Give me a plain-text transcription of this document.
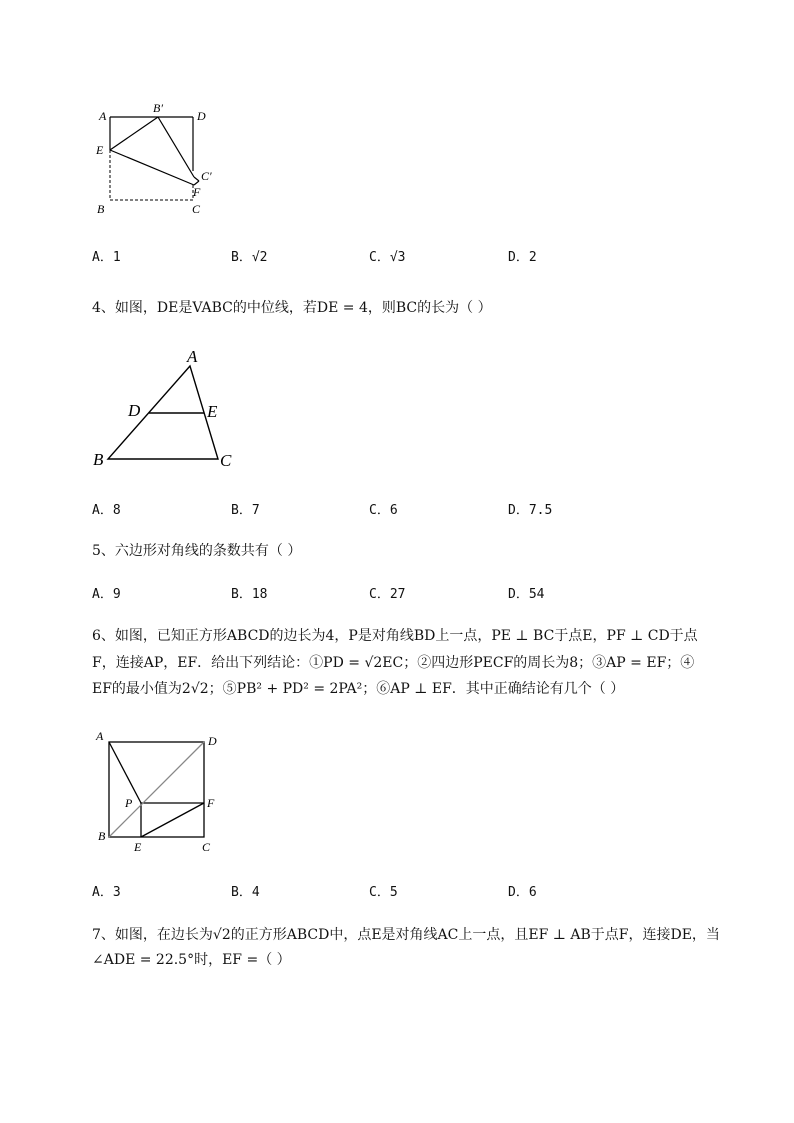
A
B′
D
E
C′
F
B	C
A．1	B．√2	C．√3	D．2
4、如图，DE是VABC的中位线，若DE = 4，则BC的长为（ ）
A
D	E
B	C
A．8	B．7	C．6	D．7.5
5、六边形对角线的条数共有（ ）
A．9	B．18	C．27	D．54
6、如图，已知正方形ABCD的边长为4，P是对角线BD上一点，PE ⊥ BC于点E，PF ⊥ CD于点
F，连接AP，EF．给出下列结论：①PD = √2EC；②四边形PECF的周长为8；③AP = EF；④
EF的最小值为2√2；⑤PB² + PD² = 2PA²；⑥AP ⊥ EF．其中正确结论有几个（ ）
A	D
P	F
B
E	C
A．3	B．4	C．5	D．6
7、如图，在边长为√2的正方形ABCD中，点E是对角线AC上一点，且EF ⊥ AB于点F，连接DE，当
∠ADE = 22.5°时，EF =（ ）
